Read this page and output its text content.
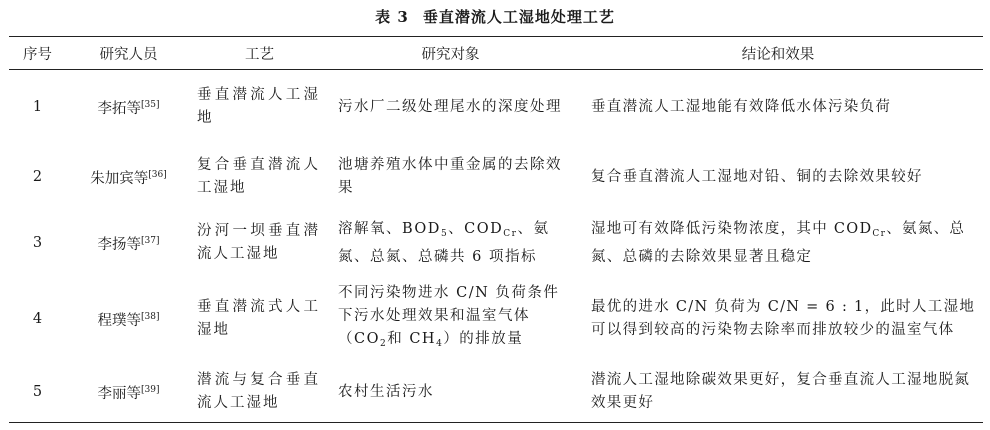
表 3 垂直潜流人工湿地处理工艺
序号	研究人员	工艺	研究对象	结论和效果
1	李拓等[35]	垂直潜流人工湿地	污水厂二级处理尾水的深度处理	垂直潜流人工湿地能有效降低水体污染负荷
2	朱加宾等[36]	复合垂直潜流人工湿地	池塘养殖水体中重金属的去除效果	复合垂直潜流人工湿地对铅、铜的去除效果较好
3	李扬等[37]	汾河一坝垂直潜流人工湿地	溶解氧、$BOD_5$、$COD_{Cr}$、氨氮、总氮、总磷共 6 项指标	湿地可有效降低污染物浓度，其中 $COD_{Cr}$、氨氮、总氮、总磷的去除效果显著且稳定
4	程璞等[38]	垂直潜流式人工湿地	不同污染物进水 C/N 负荷条件下污水处理效果和温室气体（$CO_2$和 $CH_4$）的排放量	最优的进水 C/N 负荷为 C/N = 6 : 1，此时人工湿地可以得到较高的污染物去除率而排放较少的温室气体
5	李丽等[39]	潜流与复合垂直流人工湿地	农村生活污水	潜流人工湿地除碳效果更好，复合垂直流人工湿地脱氮效果更好
